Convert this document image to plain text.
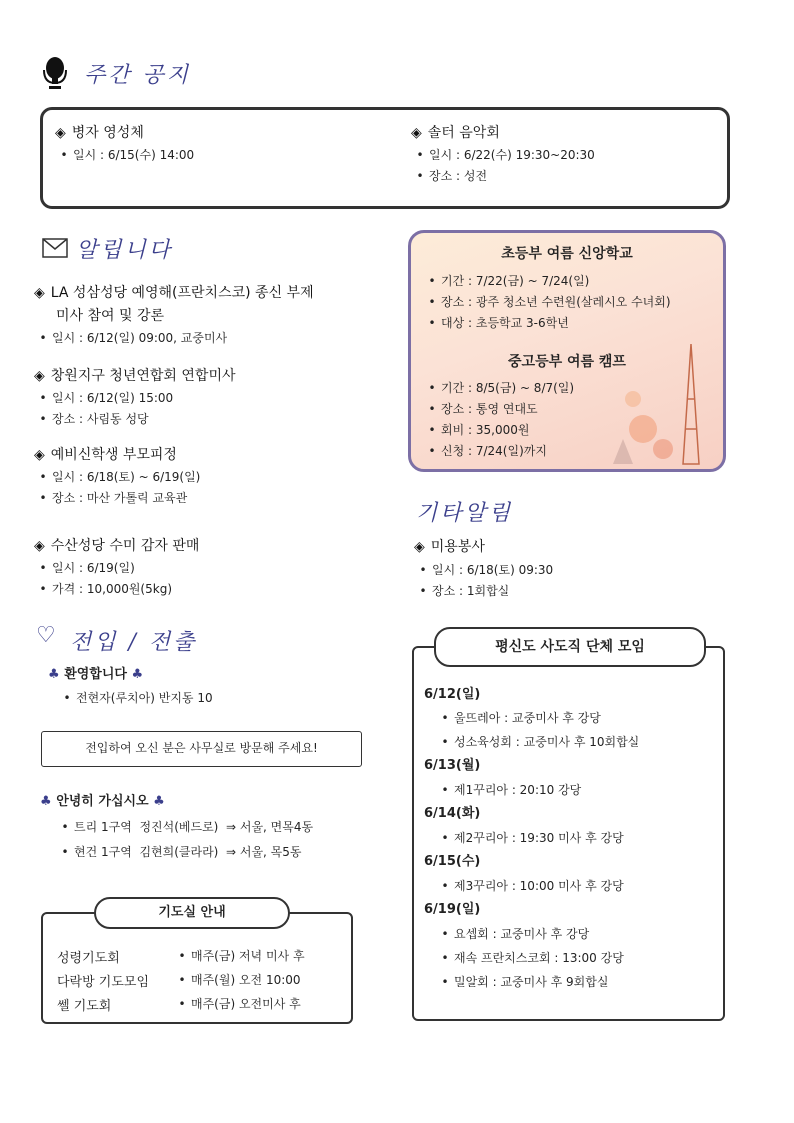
주간 공지
◈ 병자 영성체
• 일시 : 6/15(수) 14:00
◈ 솔터 음악회
• 일시 : 6/22(수) 19:30~20:30
• 장소 : 성전
알립니다
◈ LA 성삼성당 예영해(프란치스코) 종신 부제
미사 참여 및 강론
• 일시 : 6/12(일) 09:00, 교중미사
◈ 창원지구 청년연합회 연합미사
• 일시 : 6/12(일) 15:00
• 장소 : 사림동 성당
◈ 예비신학생 부모피정
• 일시 : 6/18(토) ~ 6/19(일)
• 장소 : 마산 가톨릭 교육관
◈ 수산성당 수미 감자 판매
• 일시 : 6/19(일)
• 가격 : 10,000원(5kg)
초등부 여름 신앙학교
• 기간 : 7/22(금) ~ 7/24(일)
• 장소 : 광주 청소년 수련원(살레시오 수녀회)
• 대상 : 초등학교 3-6학년
중고등부 여름 캠프
• 기간 : 8/5(금) ~ 8/7(일)
• 장소 : 통영 연대도
• 회비 : 35,000원
• 신청 : 7/24(일)까지
기타알림
◈ 미용봉사
• 일시 : 6/18(토) 09:30
• 장소 : 1회합실
♡ 전입 / 전출
♣ 환영합니다 ♣
• 전현자(루치아) 반지동 10
전입하여 오신 분은 사무실로 방문해 주세요!
♣ 안녕히 가십시오 ♣
• 트리 1구역  정진석(베드로)  ⇒ 서울, 면목4동
• 현건 1구역  김현희(클라라)  ⇒ 서울, 목5동
성령기도회	• 매주(금) 저녁 미사 후
다락방 기도모임	• 매주(월) 오전 10:00
쎌 기도회	• 매주(금) 오전미사 후
기도실 안내
6/12(일)
• 울뜨레아 : 교중미사 후 강당
• 성소육성회 : 교중미사 후 10회합실
6/13(월)
• 제1꾸리아 : 20:10 강당
6/14(화)
• 제2꾸리아 : 19:30 미사 후 강당
6/15(수)
• 제3꾸리아 : 10:00 미사 후 강당
6/19(일)
• 요셉회 : 교중미사 후 강당
• 재속 프란치스코회 : 13:00 강당
• 밀알회 : 교중미사 후 9회합실
평신도 사도직 단체 모임
